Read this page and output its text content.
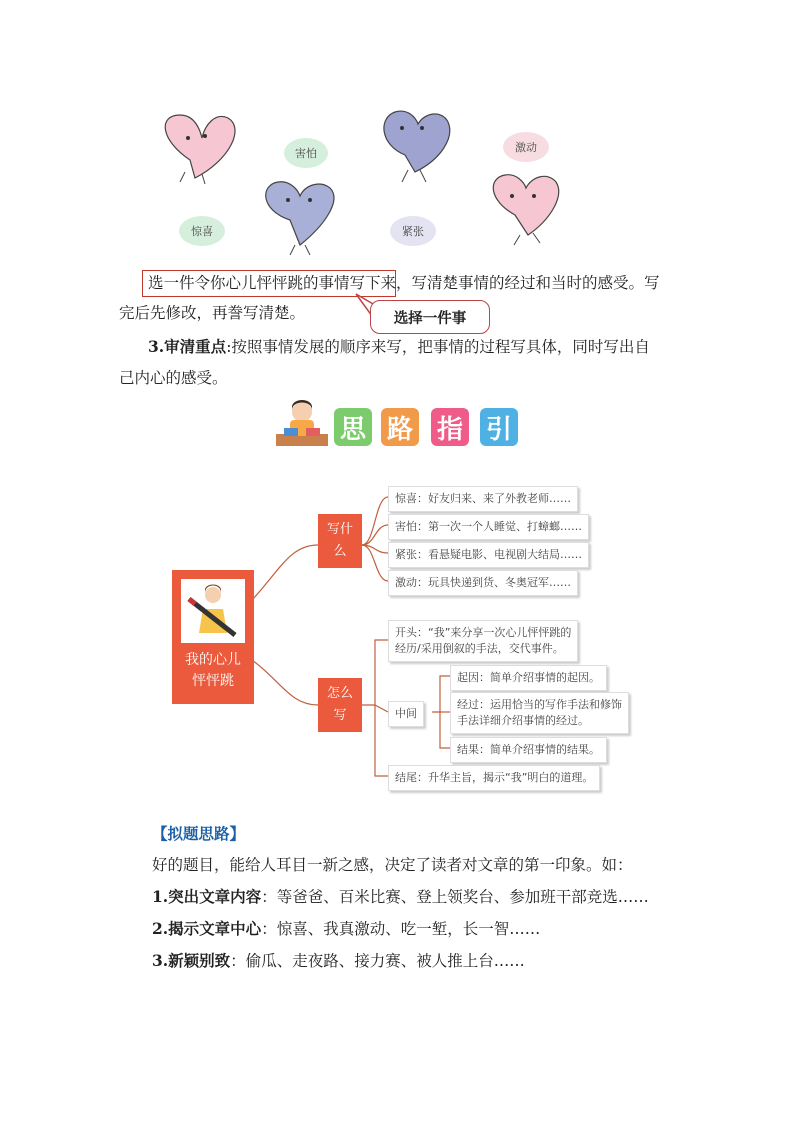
害怕	激动
惊喜	紧张
选一件令你心儿怦怦跳的事情写下来，写清楚事情的经过和当时的感受。写
完后先修改，再誊写清楚。	选择一件事
3.审清重点:按照事情发展的顺序来写，把事情的过程写具体，同时写出自
己内心的感受。
思 路 指 引
我的心儿
怦怦跳
写什
么
怎么
写
惊喜：好友归来、来了外教老师……
害怕：第一次一个人睡觉、打蟑螂……
紧张：看悬疑电影、电视剧大结局……
激动：玩具快递到货、冬奥冠军……
开头：“我”来分享一次心儿怦怦跳的
经历/采用倒叙的手法，交代事件。
中间
起因：简单介绍事情的起因。
经过：运用恰当的写作手法和修饰
手法详细介绍事情的经过。
结果：简单介绍事情的结果。
结尾：升华主旨，揭示“我”明白的道理。
【拟题思路】
好的题目，能给人耳目一新之感，决定了读者对文章的第一印象。如：
1.突出文章内容：等爸爸、百米比赛、登上领奖台、参加班干部竞选……
2.揭示文章中心：惊喜、我真激动、吃一堑，长一智……
3.新颖别致：偷瓜、走夜路、接力赛、被人推上台……
